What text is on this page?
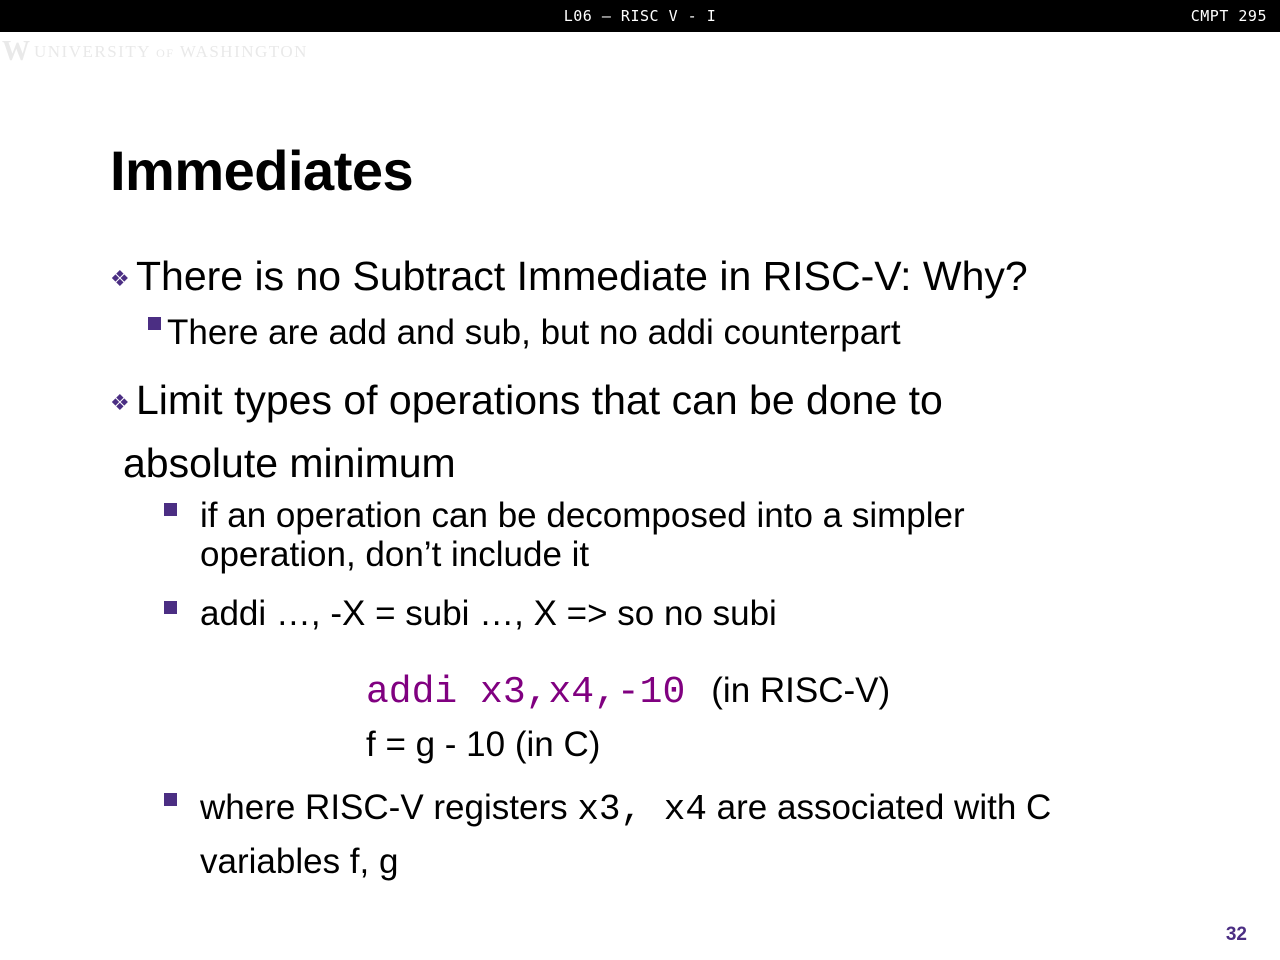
L06 – RISC V - I	CMPT 295
W UNIVERSITY of WASHINGTON
Immediates
❖ There is no Subtract Immediate in RISC-V: Why?
There are add and sub, but no addi counterpart
❖ Limit types of operations that can be done to
absolute minimum
if an operation can be decomposed into a simpler
operation, don’t include it
addi …, -X = subi …, X => so no subi
addi x3,x4,-10 (in RISC-V)
f = g - 10 (in C)
where RISC-V registers x3, x4 are associated with C
variables f, g
32
